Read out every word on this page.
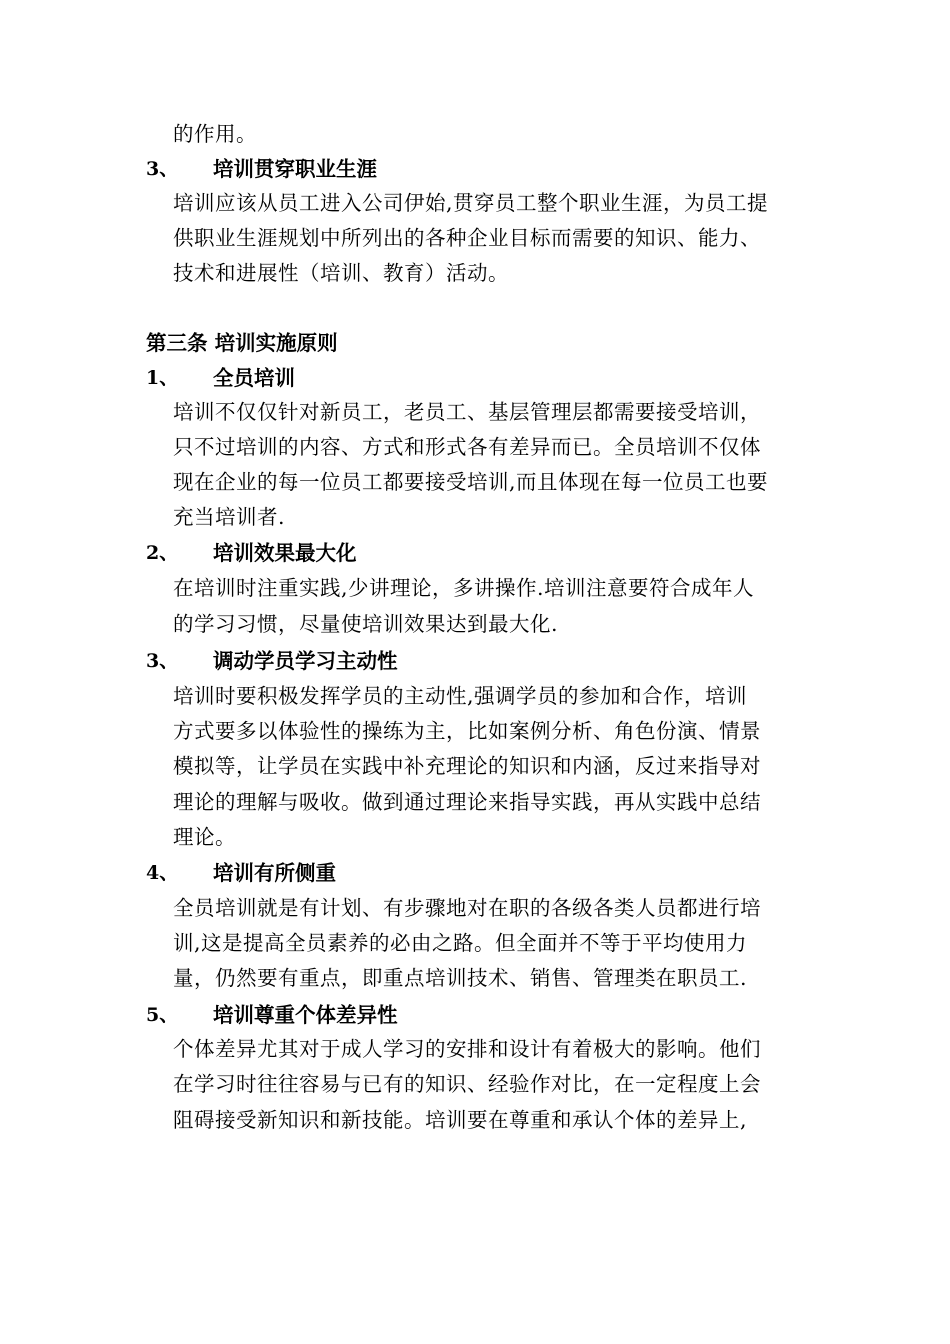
的作用。
3、 培训贯穿职业生涯
培训应该从员工进入公司伊始,贯穿员工整个职业生涯，为员工提
供职业生涯规划中所列出的各种企业目标而需要的知识、能力、
技术和进展性（培训、教育）活动。
第三条 培训实施原则
1、 全员培训
培训不仅仅针对新员工，老员工、基层管理层都需要接受培训，
只不过培训的内容、方式和形式各有差异而已。全员培训不仅体
现在企业的每一位员工都要接受培训,而且体现在每一位员工也要
充当培训者.
2、 培训效果最大化
在培训时注重实践,少讲理论，多讲操作.培训注意要符合成年人
的学习习惯，尽量使培训效果达到最大化.
3、 调动学员学习主动性
培训时要积极发挥学员的主动性,强调学员的参加和合作，培训
方式要多以体验性的操练为主，比如案例分析、角色份演、情景
模拟等，让学员在实践中补充理论的知识和内涵，反过来指导对
理论的理解与吸收。做到通过理论来指导实践，再从实践中总结
理论。
4、 培训有所侧重
全员培训就是有计划、有步骤地对在职的各级各类人员都进行培
训,这是提高全员素养的必由之路。但全面并不等于平均使用力
量，仍然要有重点，即重点培训技术、销售、管理类在职员工.
5、 培训尊重个体差异性
个体差异尤其对于成人学习的安排和设计有着极大的影响。他们
在学习时往往容易与已有的知识、经验作对比，在一定程度上会
阻碍接受新知识和新技能。培训要在尊重和承认个体的差异上,
